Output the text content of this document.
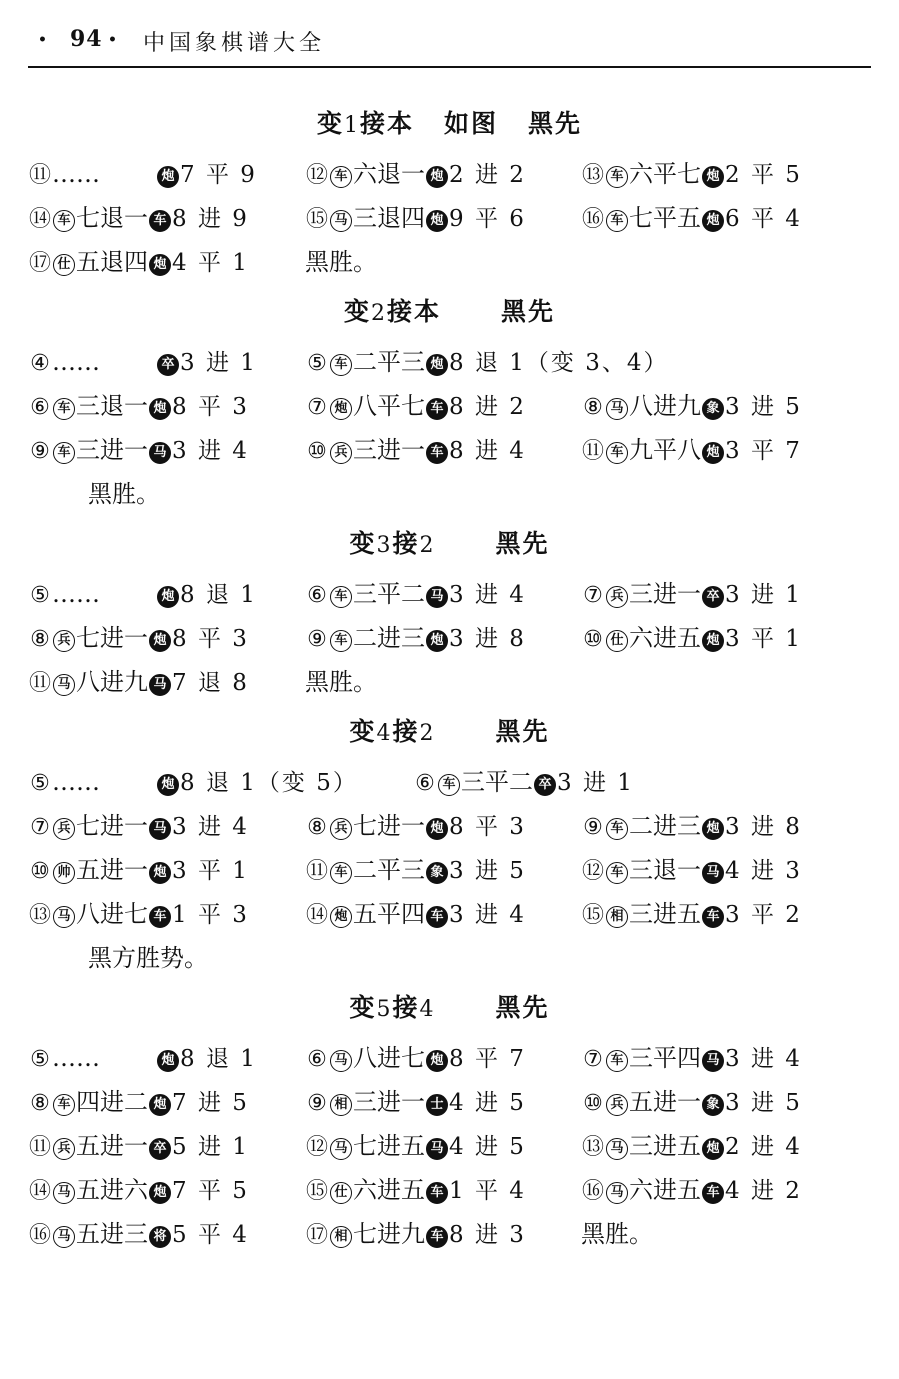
• 94 • 中国象棋谱大全
变1接本 如图 黑先
⑪……	炮 7 平 9 ⑫ 车 六退一 炮 2 进 2	⑬ 车 六平七 炮 2 平 5
⑭ 车 七退一 车 8 进 9	⑮ 马 三退四 炮 9 平 6	⑯ 车 七平五 炮 6 平 4
⑰ 仕 五退四 炮 4 平 1 黑胜。
变2接本 黑先
④……	卒 3 进 1 ⑤ 车 二平三 炮 8 退 1（变 3、4）
⑥ 车 三退一 炮 8 平 3	⑦ 炮 八平七 车 8 进 2	⑧ 马 八进九 象 3 进 5
⑨ 车 三进一 马 3 进 4	⑩ 兵 三进一 车 8 进 4	⑪ 车 九平八 炮 3 平 7
黑胜。
变3接2 黑先
⑤……	炮 8 退 1 ⑥ 车 三平二 马 3 进 4	⑦ 兵 三进一 卒 3 进 1
⑧ 兵 七进一 炮 8 平 3	⑨ 车 二进三 炮 3 进 8	⑩ 仕 六进五 炮 3 平 1
⑪ 马 八进九 马 7 退 8 黑胜。
变4接2 黑先
⑤……	炮 8 退 1（变 5）	⑥ 车 三平二 卒 3 进 1
⑦ 兵 七进一 马 3 进 4	⑧ 兵 七进一 炮 8 平 3	⑨ 车 二进三 炮 3 进 8
⑩ 帅 五进一 炮 3 平 1	⑪ 车 二平三 象 3 进 5	⑫ 车 三退一 马 4 进 3
⑬ 马 八进七 车 1 平 3	⑭ 炮 五平四 车 3 进 4	⑮ 相 三进五 车 3 平 2
黑方胜势。
变5接4 黑先
⑤……	炮 8 退 1 ⑥ 马 八进七 炮 8 平 7	⑦ 车 三平四 马 3 进 4
⑧ 车 四进二 炮 7 进 5	⑨ 相 三进一 士 4 进 5	⑩ 兵 五进一 象 3 进 5
⑪ 兵 五进一 卒 5 进 1	⑫ 马 七进五 马 4 进 5	⑬ 马 三进五 炮 2 进 4
⑭ 马 五进六 炮 7 平 5	⑮ 仕 六进五 车 1 平 4	⑯ 马 六进五 车 4 进 2
⑯ 马 五进三 将 5 平 4	⑰ 相 七进九 车 8 进 3 黑胜。
